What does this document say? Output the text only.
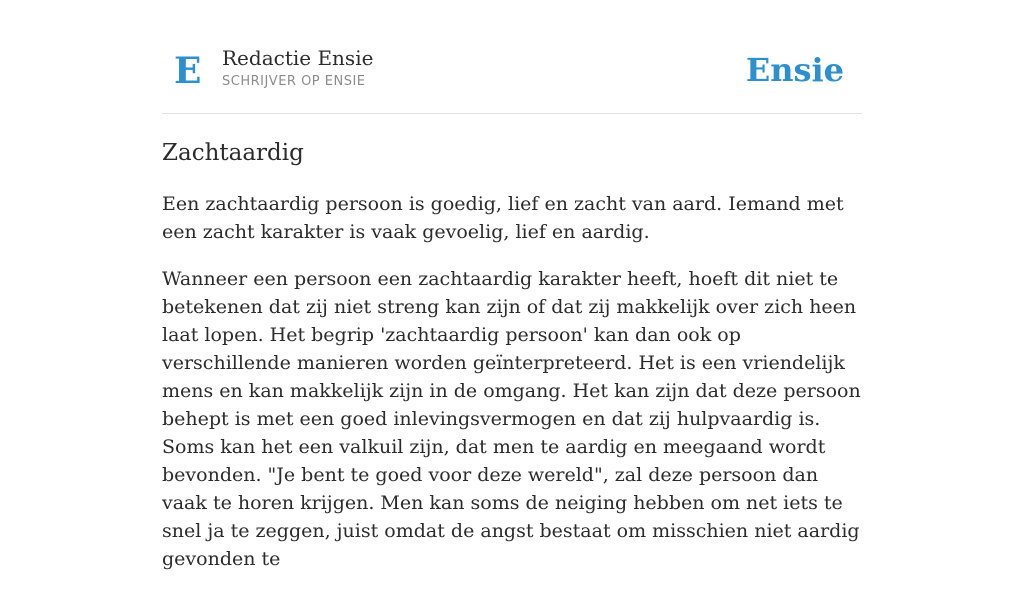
E Redactie Ensie
SCHRIJVER OP ENSIE	Ensie
Zachtaardig

Een zachtaardig persoon is goedig, lief en zacht van aard. Iemand met een zacht karakter is vaak gevoelig, lief en aardig.

Wanneer een persoon een zachtaardig karakter heeft, hoeft dit niet te betekenen dat zij niet streng kan zijn of dat zij makkelijk over zich heen laat lopen. Het begrip 'zachtaardig persoon' kan dan ook op verschillende manieren worden geïnterpreteerd. Het is een vriendelijk mens en kan makkelijk zijn in de omgang. Het kan zijn dat deze persoon behept is met een goed inlevingsvermogen en dat zij hulpvaardig is. Soms kan het een valkuil zijn, dat men te aardig en meegaand wordt bevonden. "Je bent te goed voor deze wereld", zal deze persoon dan vaak te horen krijgen. Men kan soms de neiging hebben om net iets te snel ja te zeggen, juist omdat de angst bestaat om misschien niet aardig gevonden te
